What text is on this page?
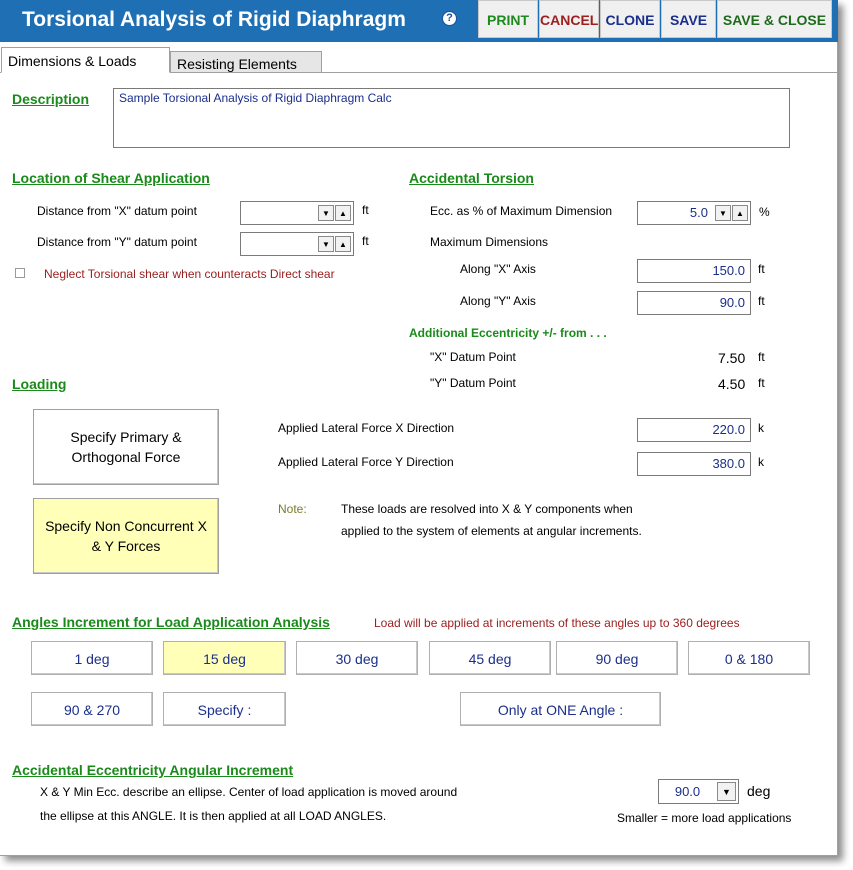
Torsional Analysis of Rigid Diaphragm	?	PRINT CANCEL CLONE	SAVE	SAVE & CLOSE
Dimensions & Loads	Resisting Elements
Description	Sample Torsional Analysis of Rigid Diaphragm Calc
Location of Shear Application
Distance from "X" datum point	▼	▲	ft
Distance from "Y" datum point	▼	▲	ft
Neglect Torsional shear when counteracts Direct shear
Accidental Torsion
Ecc. as % of Maximum Dimension	5.0	▼	▲	%
Maximum Dimensions
Along "X" Axis	150.0	ft
Along "Y" Axis	90.0	ft
Additional Eccentricity +/- from . . .
"X" Datum Point	7.50 ft
"Y" Datum Point	4.50 ft
Loading
Specify Primary & Orthogonal Force
Specify Non Concurrent X & Y Forces
Applied Lateral Force X Direction	220.0	k
Applied Lateral Force Y Direction	380.0	k
Note:	These loads are resolved into X & Y components when
applied to the system of elements at angular increments.
Angles Increment for Load Application Analysis	Load will be applied at increments of these angles up to 360 degrees
1 deg	15 deg	30 deg	45 deg	90 deg	0 & 180
90 & 270	Specify :	Only at ONE Angle :
Accidental Eccentricity Angular Increment
X & Y Min Ecc. describe an ellipse. Center of load application is moved around
the ellipse at this ANGLE. It is then applied at all LOAD ANGLES.
90.0	▼	deg
Smaller = more load applications
